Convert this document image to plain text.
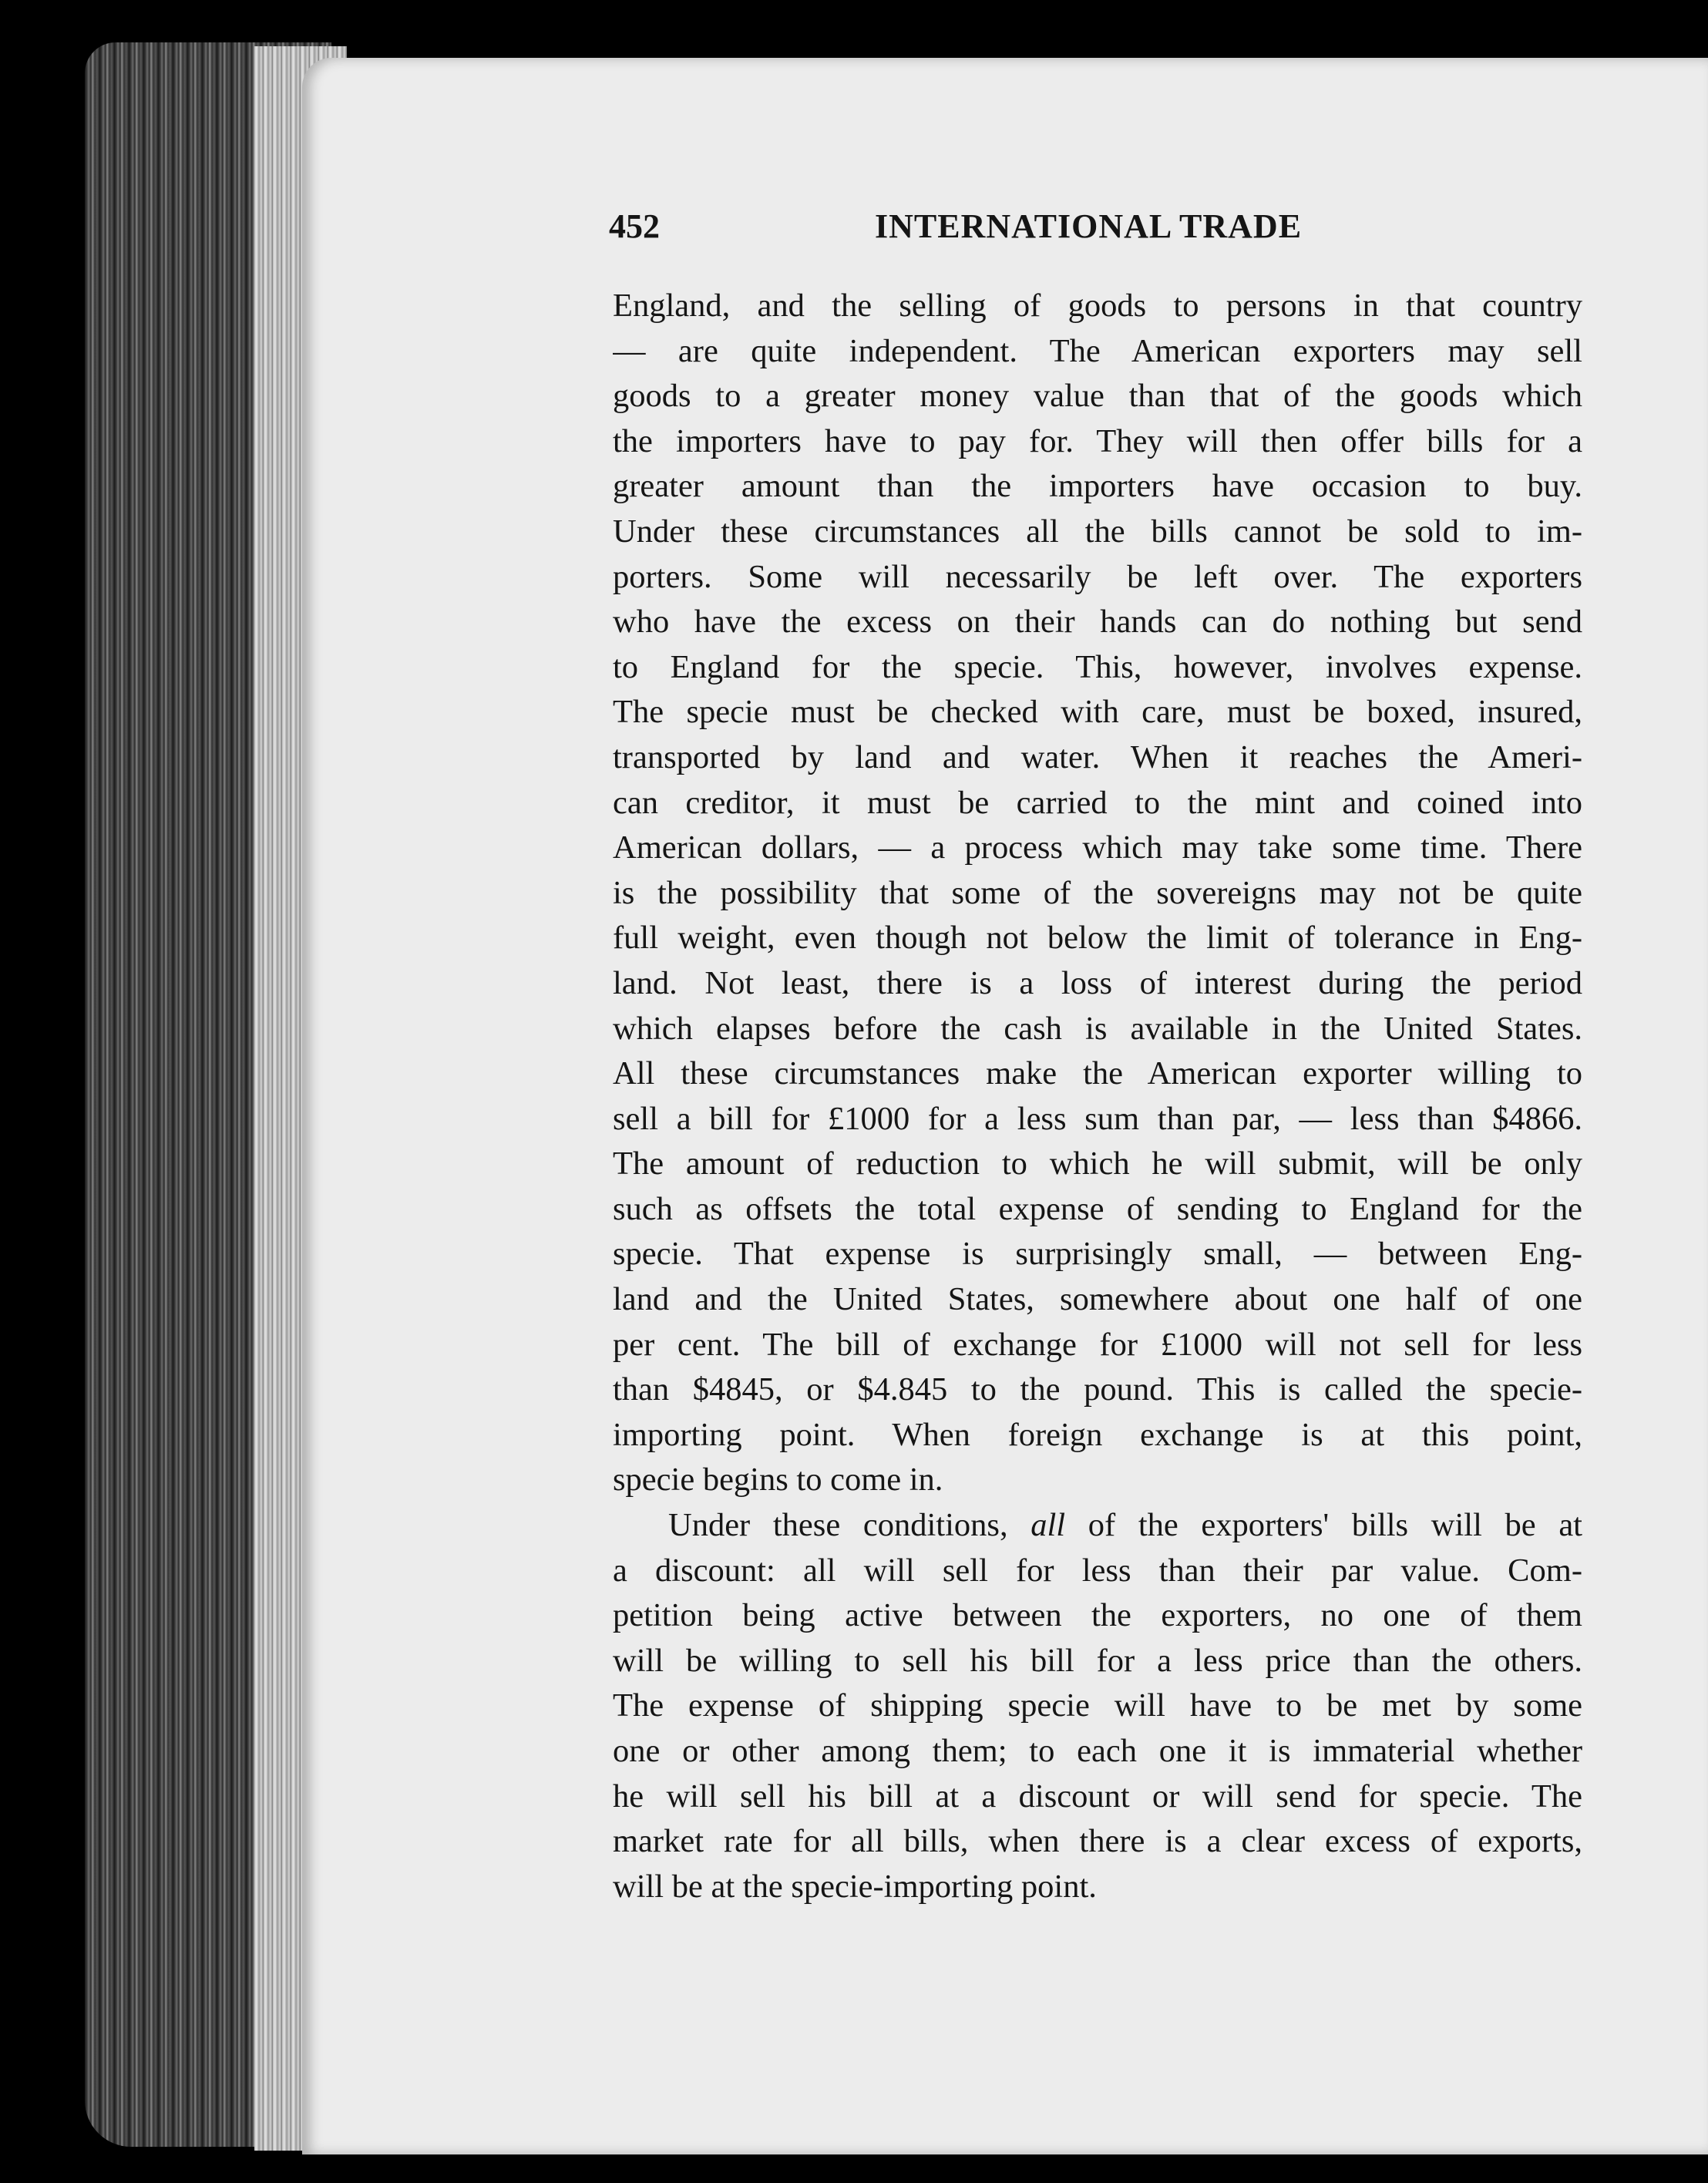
452	INTERNATIONAL TRADE

England, and the selling of goods to persons in that country
— are quite independent. The American exporters may sell
goods to a greater money value than that of the goods which
the importers have to pay for. They will then offer bills for a
greater amount than the importers have occasion to buy.
Under these circumstances all the bills cannot be sold to im-
porters. Some will necessarily be left over. The exporters
who have the excess on their hands can do nothing but send
to England for the specie. This, however, involves expense.
The specie must be checked with care, must be boxed, insured,
transported by land and water. When it reaches the Ameri-
can creditor, it must be carried to the mint and coined into
American dollars, — a process which may take some time. There
is the possibility that some of the sovereigns may not be quite
full weight, even though not below the limit of tolerance in Eng-
land. Not least, there is a loss of interest during the period
which elapses before the cash is available in the United States.
All these circumstances make the American exporter willing to
sell a bill for £1000 for a less sum than par, — less than $4866.
The amount of reduction to which he will submit, will be only
such as offsets the total expense of sending to England for the
specie. That expense is surprisingly small, — between Eng-
land and the United States, somewhere about one half of one
per cent. The bill of exchange for £1000 will not sell for less
than $4845, or $4.845 to the pound. This is called the specie-
importing point. When foreign exchange is at this point,
specie begins to come in.

Under these conditions, all of the exporters' bills will be at
a discount: all will sell for less than their par value. Com-
petition being active between the exporters, no one of them
will be willing to sell his bill for a less price than the others.
The expense of shipping specie will have to be met by some
one or other among them; to each one it is immaterial whether
he will sell his bill at a discount or will send for specie. The
market rate for all bills, when there is a clear excess of exports,
will be at the specie-importing point.
